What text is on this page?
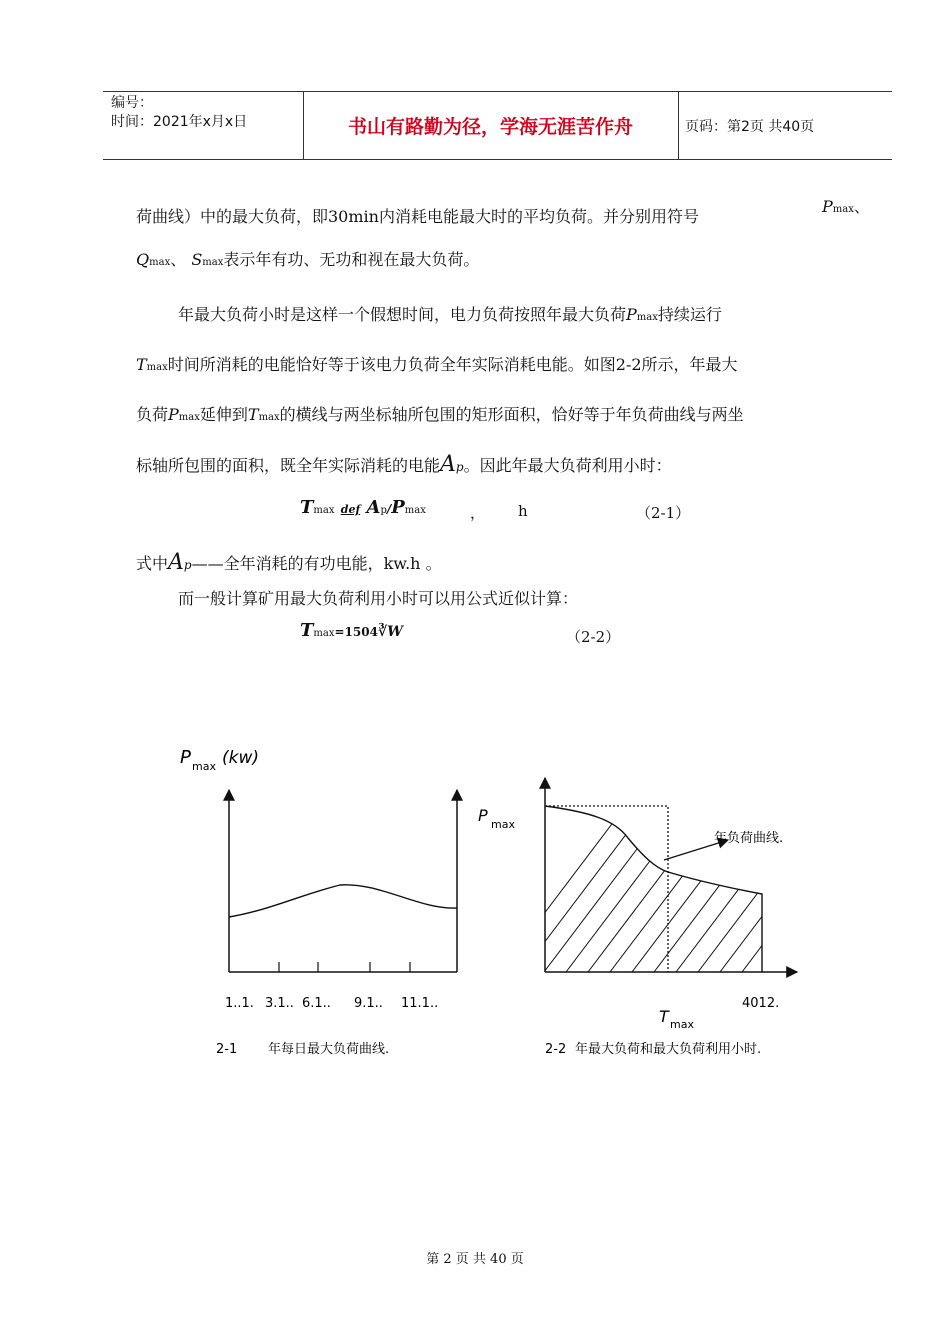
编号：
时间：2021年x月x日	书山有路勤为径，学海无涯苦作舟	页码：第2页 共40页
荷曲线）中的最大负荷，即30min内消耗电能最大时的平均负荷。并分别用符号
Pmax、
Qmax、 Smax表示年有功、无功和视在最大负荷。
年最大负荷小时是这样一个假想时间，电力负荷按照年最大负荷Pmax持续运行
Tmax时间所消耗的电能恰好等于该电力负荷全年实际消耗电能。如图2-2所示，年最大
负荷Pmax延伸到Tmax的横线与两坐标轴所包围的矩形面积，恰好等于年负荷曲线与两坐
标轴所包围的面积，既全年实际消耗的电能Ap。因此年最大负荷利用小时：
Tmax def Ap/Pmax	， h	（2-1）
式中Ap——全年消耗的有功电能，kw.h 。
而一般计算矿用最大负荷利用小时可以用公式近似计算：
Tmax=1504∛W	（2-2）
P max (kw)
1..1. 3.1.. 6.1.. 9.1.. 11.1..
2-1 年每日最大负荷曲线.
P max
年负荷曲线.
T max
4012.
2-2 年最大负荷和最大负荷利用小时.
第 2 页 共 40 页
